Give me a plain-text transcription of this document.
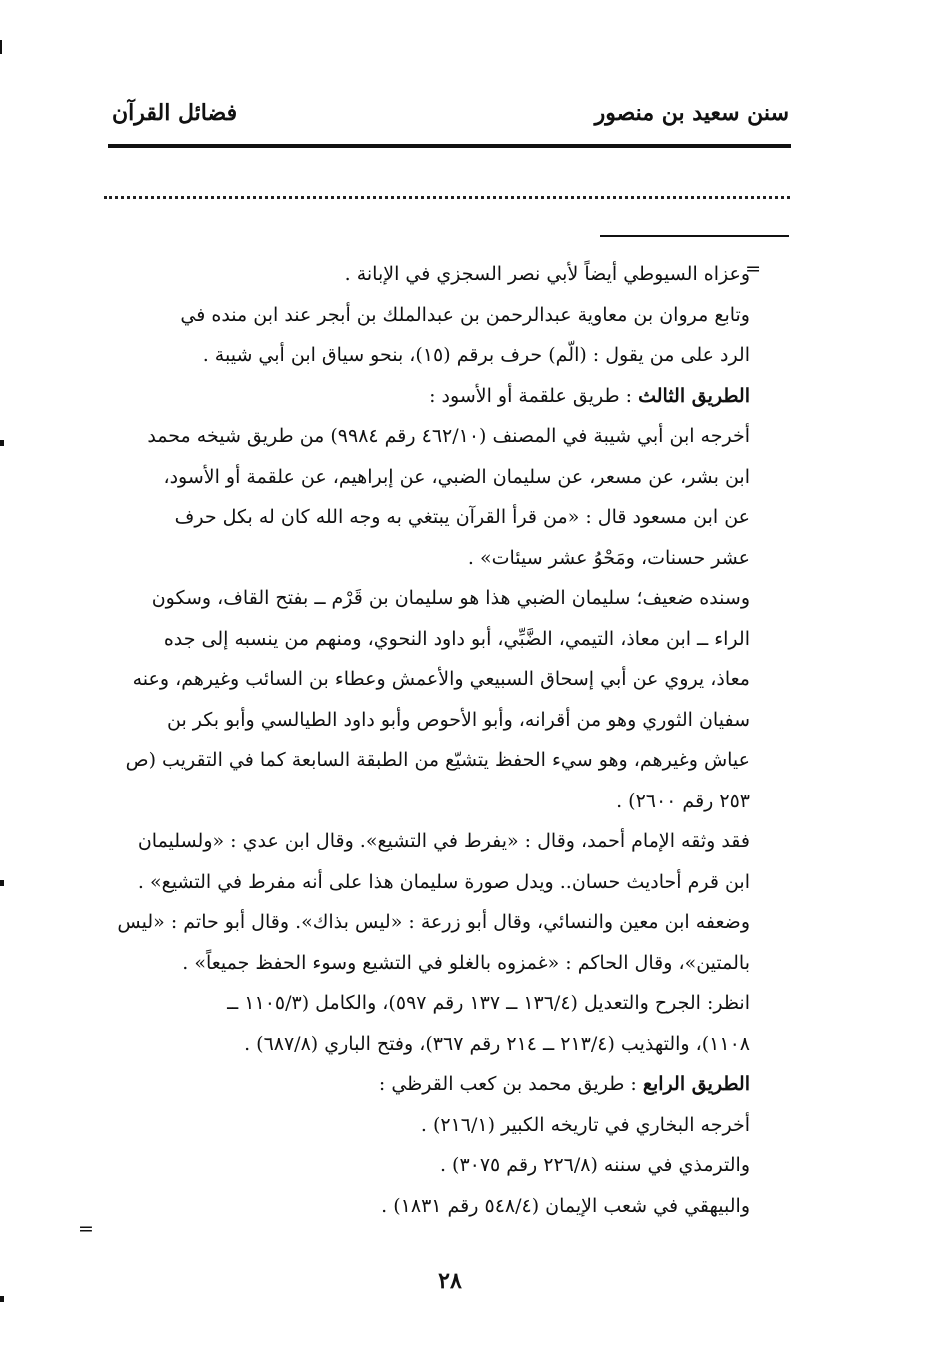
سنن سعيد بن منصور
فضائل القرآن
=
وعزاه السيوطي أيضاً لأبي نصر السجزي في الإبانة .
وتابع مروان بن معاوية عبدالرحمن بن عبدالملك بن أبجر عند ابن منده في
الرد على من يقول : (الّم) حرف برقم (١٥)، بنحو سياق ابن أبي شيبة .
الطريق الثالث : طريق علقمة أو الأسود :
أخرجه ابن أبي شيبة في المصنف (٤٦٢/١٠ رقم ٩٩٨٤) من طريق شيخه محمد
ابن بشر، عن مسعر، عن سليمان الضبي، عن إبراهيم، عن علقمة أو الأسود،
عن ابن مسعود قال : «من قرأ القرآن يبتغي به وجه الله كان له بكل حرف
عشر حسنات، ومَحْوُ عشر سيئات» .
وسنده ضعيف؛ سليمان الضبي هذا هو سليمان بن قَرْم ــ بفتح القاف، وسكون
الراء ــ ابن معاذ، التيمي، الضَّبِّي، أبو داود النحوي، ومنهم من ينسبه إلى جده
معاذ، يروي عن أبي إسحاق السبيعي والأعمش وعطاء بن السائب وغيرهم، وعنه
سفيان الثوري وهو من أقرانه، وأبو الأحوص وأبو داود الطيالسي وأبو بكر بن
عياش وغيرهم، وهو سيء الحفظ يتشيّع من الطبقة السابعة كما في التقريب (ص
٢٥٣ رقم ٢٦٠٠) .
فقد وثقه الإمام أحمد، وقال : «يفرط في التشيع». وقال ابن عدي : «ولسليمان
ابن قرم أحاديث حسان.. ويدل صورة سليمان هذا على أنه مفرط في التشيع» .
وضعفه ابن معين والنسائي، وقال أبو زرعة : «ليس بذاك». وقال أبو حاتم : «ليس
بالمتين»، وقال الحاكم : «غمزوه بالغلو في التشيع وسوء الحفظ جميعاً» .
انظر: الجرح والتعديل (١٣٦/٤ ــ ١٣٧ رقم ٥٩٧)، والكامل (١١٠٥/٣ ــ
١١٠٨)، والتهذيب (٢١٣/٤ ــ ٢١٤ رقم ٣٦٧)، وفتح الباري (٦٨٧/٨) .
الطريق الرابع : طريق محمد بن كعب القرظي :
أخرجه البخاري في تاريخه الكبير (٢١٦/١) .
والترمذي في سننه (٢٢٦/٨ رقم ٣٠٧٥) .
والبيهقي في شعب الإيمان (٥٤٨/٤ رقم ١٨٣١) .
=
٢٨
